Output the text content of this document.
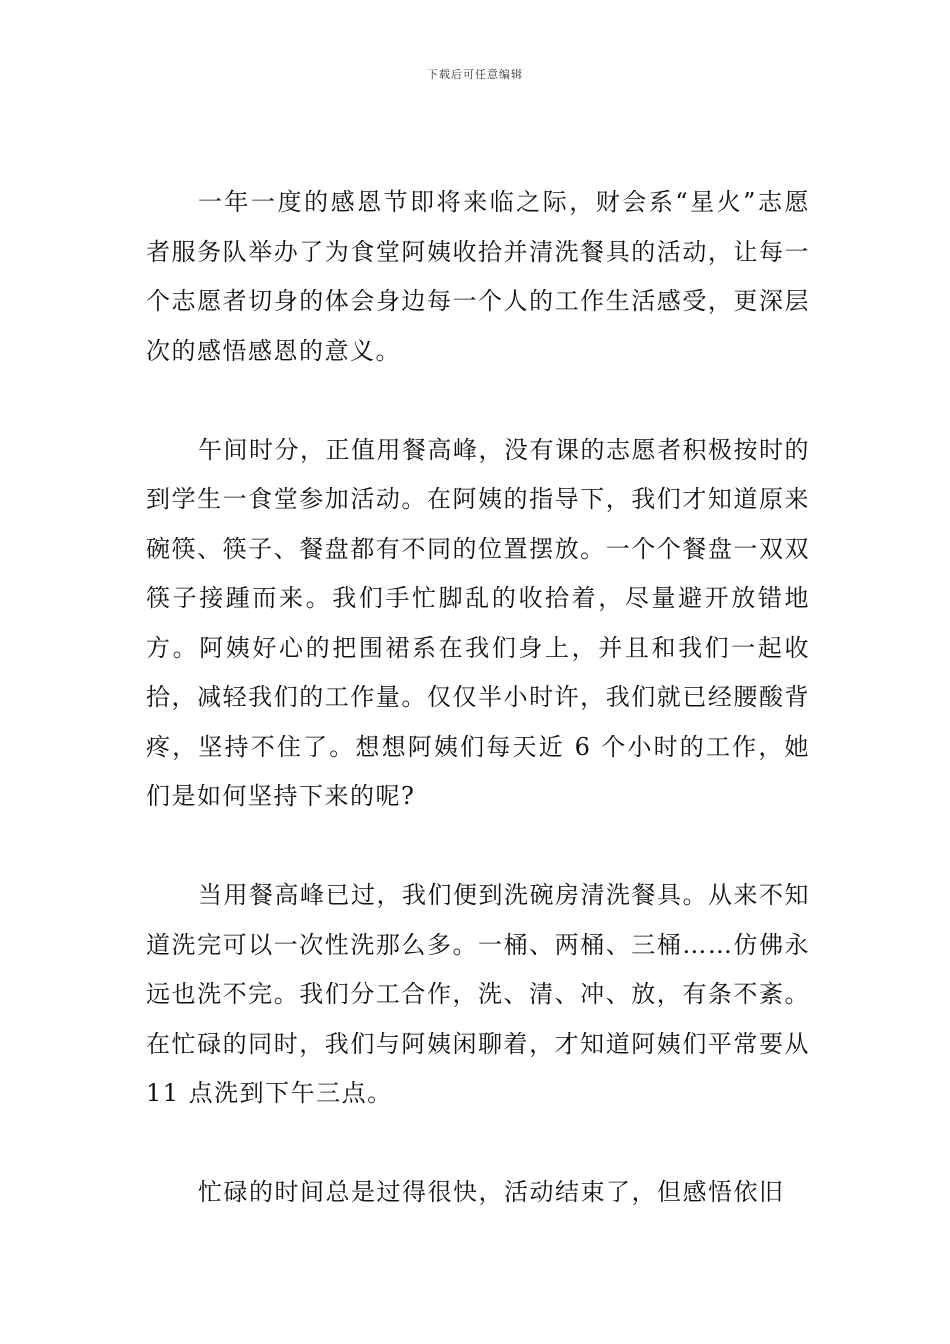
下载后可任意编辑

一年一度的感恩节即将来临之际，财会系“星火”志愿者服务队举办了为食堂阿姨收拾并清洗餐具的活动，让每一个志愿者切身的体会身边每一个人的工作生活感受，更深层次的感悟感恩的意义。

午间时分，正值用餐高峰，没有课的志愿者积极按时的到学生一食堂参加活动。在阿姨的指导下，我们才知道原来碗筷、筷子、餐盘都有不同的位置摆放。一个个餐盘一双双筷子接踵而来。我们手忙脚乱的收拾着，尽量避开放错地方。阿姨好心的把围裙系在我们身上，并且和我们一起收拾，减轻我们的工作量。仅仅半小时许，我们就已经腰酸背疼，坚持不住了。想想阿姨们每天近 6 个小时的工作，她们是如何坚持下来的呢?

当用餐高峰已过，我们便到洗碗房清洗餐具。从来不知道洗完可以一次性洗那么多。一桶、两桶、三桶……仿佛永远也洗不完。我们分工合作，洗、清、冲、放，有条不紊。在忙碌的同时，我们与阿姨闲聊着，才知道阿姨们平常要从 11 点洗到下午三点。

忙碌的时间总是过得很快，活动结束了，但感悟依旧
